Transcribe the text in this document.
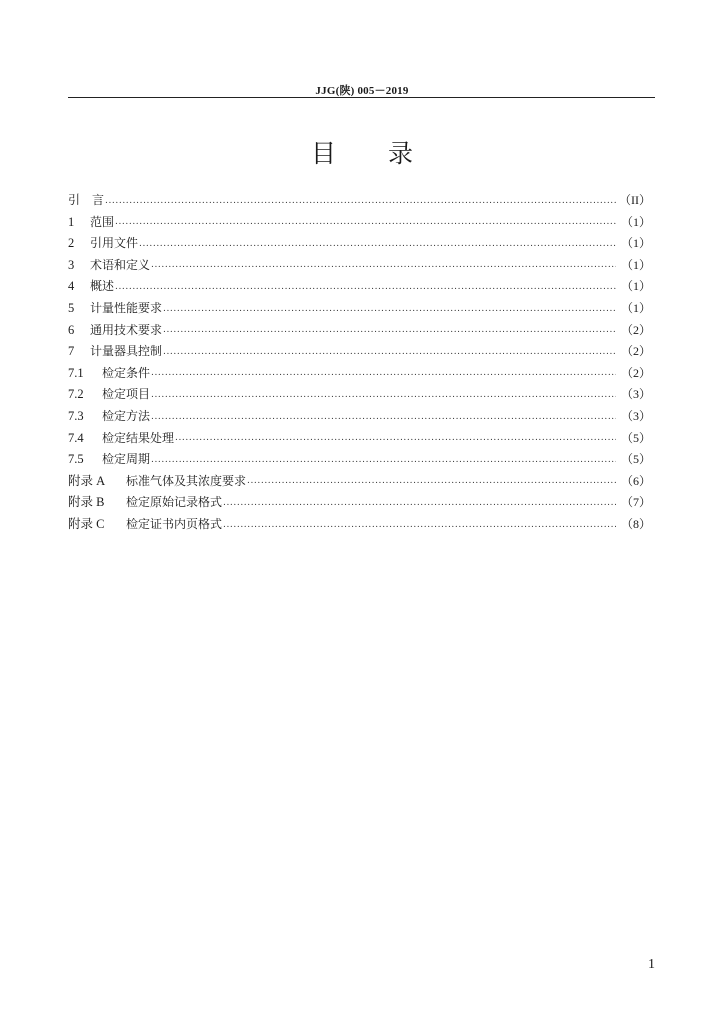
JJG(陕) 005－2019
目 录
引　言 .....	（II）
1	范围 .....	（1）
2	引用文件 .....	（1）
3	术语和定义 .....	（1）
4	概述 .....	（1）
5	计量性能要求 .....	（1）
6	通用技术要求 .....	（2）
7	计量器具控制 .....	（2）
7.1	检定条件 .....	（2）
7.2	检定项目 .....	（3）
7.3	检定方法 .....	（3）
7.4	检定结果处理 .....	（5）
7.5	检定周期 .....	（5）
附录 A	标准气体及其浓度要求 .....	（6）
附录 B	检定原始记录格式 .....	（7）
附录 C	检定证书内页格式 .....	（8）
1
